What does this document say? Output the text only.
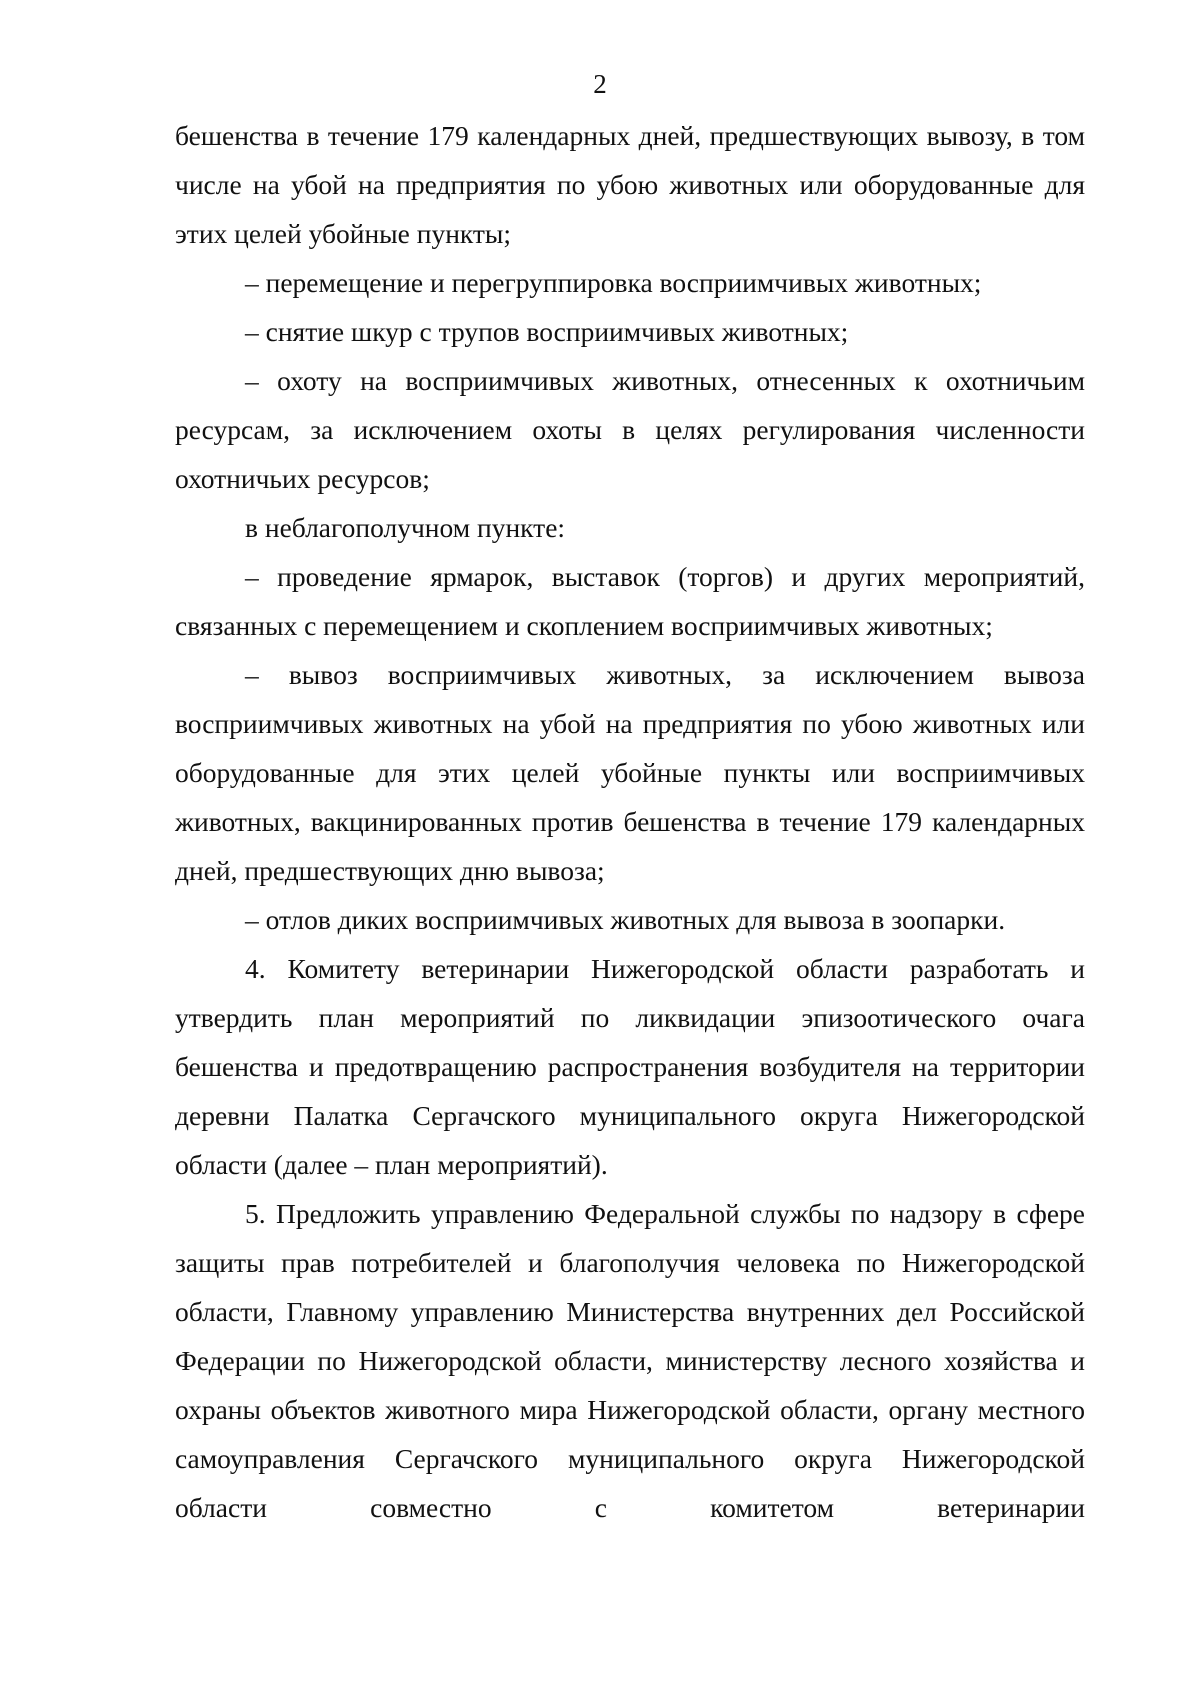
2

бешенства в течение 179 календарных дней, предшествующих вывозу, в том числе на убой на предприятия по убою животных или оборудованные для этих целей убойные пункты;

– перемещение и перегруппировка восприимчивых животных;

– снятие шкур с трупов восприимчивых животных;

– охоту на восприимчивых животных, отнесенных к охотничьим ресурсам, за исключением охоты в целях регулирования численности охотничьих ресурсов;

в неблагополучном пункте:

– проведение ярмарок, выставок (торгов) и других мероприятий, связанных с перемещением и скоплением восприимчивых животных;

– вывоз восприимчивых животных, за исключением вывоза восприимчивых животных на убой на предприятия по убою животных или оборудованные для этих целей убойные пункты или восприимчивых животных, вакцинированных против бешенства в течение 179 календарных дней, предшествующих дню вывоза;

– отлов диких восприимчивых животных для вывоза в зоопарки.

4. Комитету ветеринарии Нижегородской области разработать и утвердить план мероприятий по ликвидации эпизоотического очага бешенства и предотвращению распространения возбудителя на территории деревни Палатка Сергачского муниципального округа Нижегородской области (далее – план мероприятий).

5. Предложить управлению Федеральной службы по надзору в сфере защиты прав потребителей и благополучия человека по Нижегородской области, Главному управлению Министерства внутренних дел Российской Федерации по Нижегородской области, министерству лесного хозяйства и охраны объектов животного мира Нижегородской области, органу местного самоуправления Сергачского муниципального округа Нижегородской области совместно с комитетом ветеринарии
